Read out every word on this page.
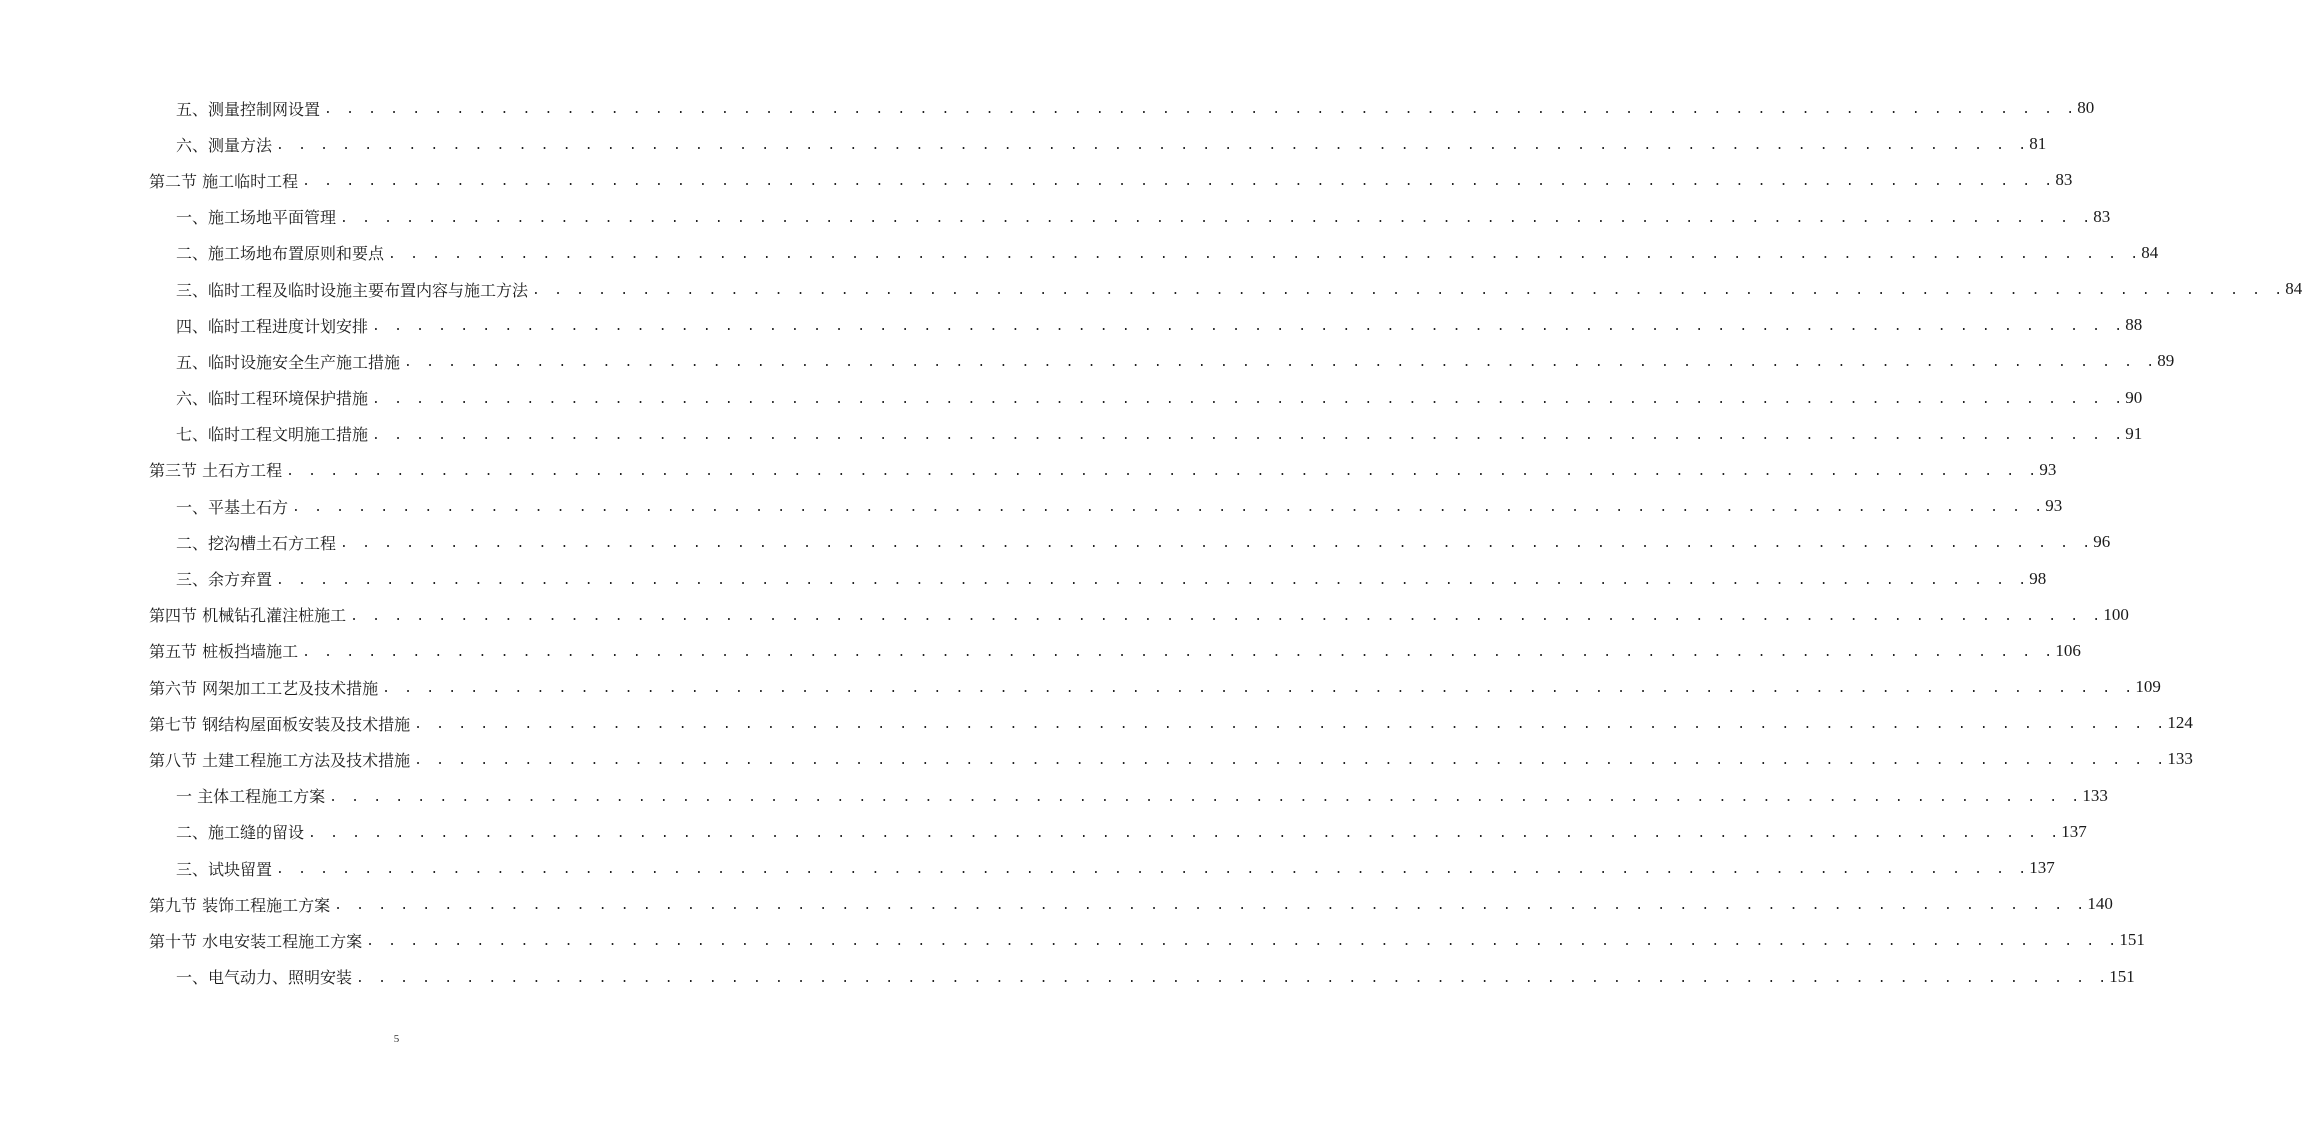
五、测量控制网设置 . . . . . . . . . . . . . . . . . . . . . . . . . . . . . . . . . . . . . . . . . . . . . . . . . . . . . . . . . . . . . . . . . . . . . . . . . . . . . . . . 80
六、测量方法 . . . . . . . . . . . . . . . . . . . . . . . . . . . . . . . . . . . . . . . . . . . . . . . . . . . . . . . . . . . . . . . . . . . . . . . . . . . . . . . . 81
第二节 施工临时工程 . . . . . . . . . . . . . . . . . . . . . . . . . . . . . . . . . . . . . . . . . . . . . . . . . . . . . . . . . . . . . . . . . . . . . . . . . . . . . . . . 83
一、施工场地平面管理 . . . . . . . . . . . . . . . . . . . . . . . . . . . . . . . . . . . . . . . . . . . . . . . . . . . . . . . . . . . . . . . . . . . . . . . . . . . . . . . . 83
二、施工场地布置原则和要点 . . . . . . . . . . . . . . . . . . . . . . . . . . . . . . . . . . . . . . . . . . . . . . . . . . . . . . . . . . . . . . . . . . . . . . . . . . . . . . . . 84
三、临时工程及临时设施主要布置内容与施工方法 . . . . . . . . . . . . . . . . . . . . . . . . . . . . . . . . . . . . . . . . . . . . . . . . . . . . . . . . . . . . . . . . . . . . . . . . . . . . . . . . 84
四、临时工程进度计划安排 . . . . . . . . . . . . . . . . . . . . . . . . . . . . . . . . . . . . . . . . . . . . . . . . . . . . . . . . . . . . . . . . . . . . . . . . . . . . . . . . 88
五、临时设施安全生产施工措施 . . . . . . . . . . . . . . . . . . . . . . . . . . . . . . . . . . . . . . . . . . . . . . . . . . . . . . . . . . . . . . . . . . . . . . . . . . . . . . . . 89
六、临时工程环境保护措施 . . . . . . . . . . . . . . . . . . . . . . . . . . . . . . . . . . . . . . . . . . . . . . . . . . . . . . . . . . . . . . . . . . . . . . . . . . . . . . . . 90
七、临时工程文明施工措施 . . . . . . . . . . . . . . . . . . . . . . . . . . . . . . . . . . . . . . . . . . . . . . . . . . . . . . . . . . . . . . . . . . . . . . . . . . . . . . . . 91
第三节 土石方工程 . . . . . . . . . . . . . . . . . . . . . . . . . . . . . . . . . . . . . . . . . . . . . . . . . . . . . . . . . . . . . . . . . . . . . . . . . . . . . . . . 93
一、平基土石方 . . . . . . . . . . . . . . . . . . . . . . . . . . . . . . . . . . . . . . . . . . . . . . . . . . . . . . . . . . . . . . . . . . . . . . . . . . . . . . . . 93
二、挖沟槽土石方工程 . . . . . . . . . . . . . . . . . . . . . . . . . . . . . . . . . . . . . . . . . . . . . . . . . . . . . . . . . . . . . . . . . . . . . . . . . . . . . . . . 96
三、余方弃置 . . . . . . . . . . . . . . . . . . . . . . . . . . . . . . . . . . . . . . . . . . . . . . . . . . . . . . . . . . . . . . . . . . . . . . . . . . . . . . . . 98
第四节 机械钻孔灌注桩施工 . . . . . . . . . . . . . . . . . . . . . . . . . . . . . . . . . . . . . . . . . . . . . . . . . . . . . . . . . . . . . . . . . . . . . . . . . . . . . . . . 100
第五节 桩板挡墙施工 . . . . . . . . . . . . . . . . . . . . . . . . . . . . . . . . . . . . . . . . . . . . . . . . . . . . . . . . . . . . . . . . . . . . . . . . . . . . . . . . 106
第六节 网架加工工艺及技术措施 . . . . . . . . . . . . . . . . . . . . . . . . . . . . . . . . . . . . . . . . . . . . . . . . . . . . . . . . . . . . . . . . . . . . . . . . . . . . . . . . 109
第七节 钢结构屋面板安装及技术措施 . . . . . . . . . . . . . . . . . . . . . . . . . . . . . . . . . . . . . . . . . . . . . . . . . . . . . . . . . . . . . . . . . . . . . . . . . . . . . . . . 124
第八节 土建工程施工方法及技术措施 . . . . . . . . . . . . . . . . . . . . . . . . . . . . . . . . . . . . . . . . . . . . . . . . . . . . . . . . . . . . . . . . . . . . . . . . . . . . . . . . 133
一 主体工程施工方案 . . . . . . . . . . . . . . . . . . . . . . . . . . . . . . . . . . . . . . . . . . . . . . . . . . . . . . . . . . . . . . . . . . . . . . . . . . . . . . . . 133
二、施工缝的留设 . . . . . . . . . . . . . . . . . . . . . . . . . . . . . . . . . . . . . . . . . . . . . . . . . . . . . . . . . . . . . . . . . . . . . . . . . . . . . . . . 137
三、试块留置 . . . . . . . . . . . . . . . . . . . . . . . . . . . . . . . . . . . . . . . . . . . . . . . . . . . . . . . . . . . . . . . . . . . . . . . . . . . . . . . . 137
第九节 装饰工程施工方案 . . . . . . . . . . . . . . . . . . . . . . . . . . . . . . . . . . . . . . . . . . . . . . . . . . . . . . . . . . . . . . . . . . . . . . . . . . . . . . . . 140
第十节 水电安装工程施工方案 . . . . . . . . . . . . . . . . . . . . . . . . . . . . . . . . . . . . . . . . . . . . . . . . . . . . . . . . . . . . . . . . . . . . . . . . . . . . . . . . 151
一、电气动力、照明安装 . . . . . . . . . . . . . . . . . . . . . . . . . . . . . . . . . . . . . . . . . . . . . . . . . . . . . . . . . . . . . . . . . . . . . . . . . . . . . . . . 151
5
